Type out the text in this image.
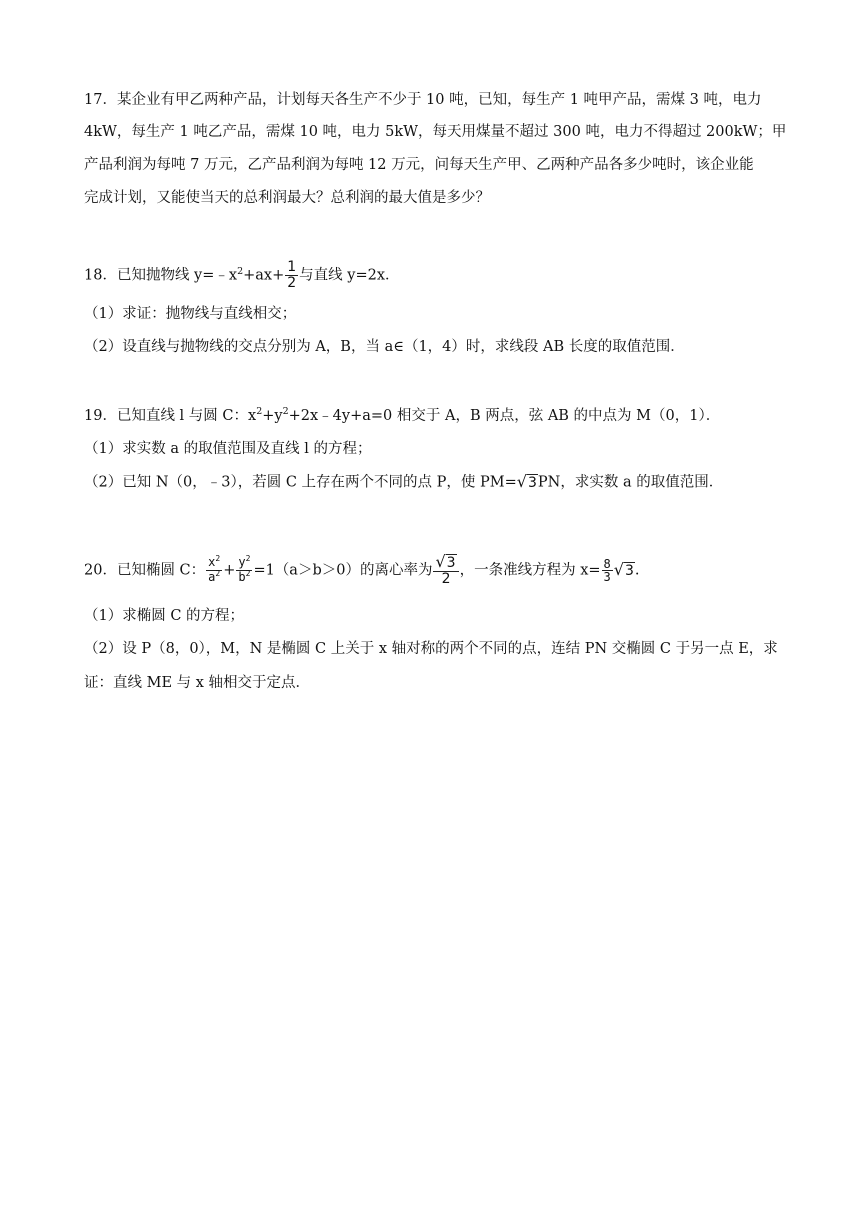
17．某企业有甲乙两种产品，计划每天各生产不少于 10 吨，已知，每生产 1 吨甲产品，需煤 3 吨，电力
4kW，每生产 1 吨乙产品，需煤 10 吨，电力 5kW，每天用煤量不超过 300 吨，电力不得超过 200kW；甲
产品利润为每吨 7 万元，乙产品利润为每吨 12 万元，问每天生产甲、乙两种产品各多少吨时，该企业能
完成计划，又能使当天的总利润最大？总利润的最大值是多少？
18．已知抛物线 $y=﹣x^2+ax+ \frac{1}{2}$ 与直线 y=2x．
（1）求证：抛物线与直线相交；
（2）设直线与抛物线的交点分别为 A，B，当 a∈（1，4）时，求线段 AB 长度的取值范围．
19．已知直线 l 与圆 C：$x^2+y^2+2x﹣4y+a=0$ 相交于 A，B 两点，弦 AB 的中点为 M（0，1）．
（1）求实数 a 的取值范围及直线 l 的方程；
（2）已知 N（0，﹣3），若圆 C 上存在两个不同的点 P，使 PM=√3PN，求实数 a 的取值范围．
20．已知椭圆 C： $\frac{x^2}{a^2} + \frac{y^2}{b^2} =1(a>b>0)$的离心率为 $\frac{√3}{2}$ ，一条准线方程为 $x= \frac{8}{3} √3$.
（1）求椭圆 C 的方程；
（2）设 P（8，0），M，N 是椭圆 C 上关于 x 轴对称的两个不同的点，连结 PN 交椭圆 C 于另一点 E，求
证：直线 ME 与 x 轴相交于定点．
